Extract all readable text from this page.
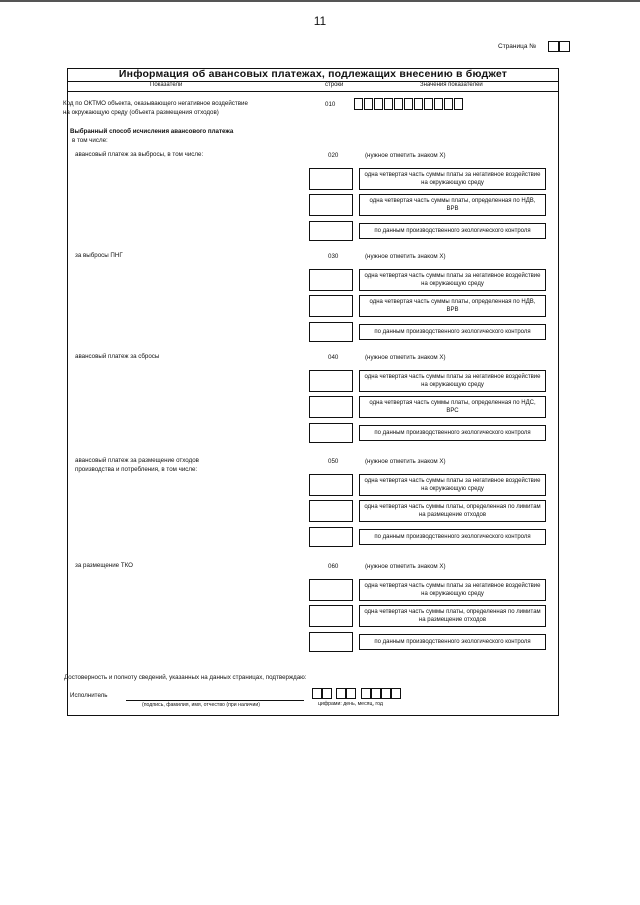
11
Страница №
Информация об авансовых платежах, подлежащих внесению в бюджет
Показатели	строки	Значения показателей
Код по ОКТМО объекта, оказывающего негативное воздействие
на окружающую среду (объекта размещения отходов)
010
Выбранный способ исчисления авансового платежа
в том числе:
авансовый платеж за выбросы, в том числе:	020	(нужное отметить знаком Х)
одна четвертая часть суммы платы за негативное воздействие на окружающую среду
одна четвертая часть суммы платы, определенная по НДВ, ВРВ
по данным производственного экологического контроля
за выбросы ПНГ	030	(нужное отметить знаком Х)
одна четвертая часть суммы платы за негативное воздействие на окружающую среду
одна четвертая часть суммы платы, определенная по НДВ, ВРВ
по данным производственного экологического контроля
авансовый платеж за сбросы	040	(нужное отметить знаком Х)
одна четвертая часть суммы платы за негативное воздействие на окружающую среду
одна четвертая часть суммы платы, определенная по НДС, ВРС
по данным производственного экологического контроля
авансовый платеж за размещение отходов
производства и потребления, в том числе:
050	(нужное отметить знаком Х)
одна четвертая часть суммы платы за негативное воздействие на окружающую среду
одна четвертая часть суммы платы, определенная по лимитам на размещение отходов
по данным производственного экологического контроля
за размещение ТКО	060	(нужное отметить знаком Х)
одна четвертая часть суммы платы за негативное воздействие на окружающую среду
одна четвертая часть суммы платы, определенная по лимитам на размещение отходов
по данным производственного экологического контроля
Достоверность и полноту сведений, указанных на данных страницах, подтверждаю:
Исполнитель
(подпись, фамилия, имя, отчество (при наличии)	цифрами: день, месяц, год
